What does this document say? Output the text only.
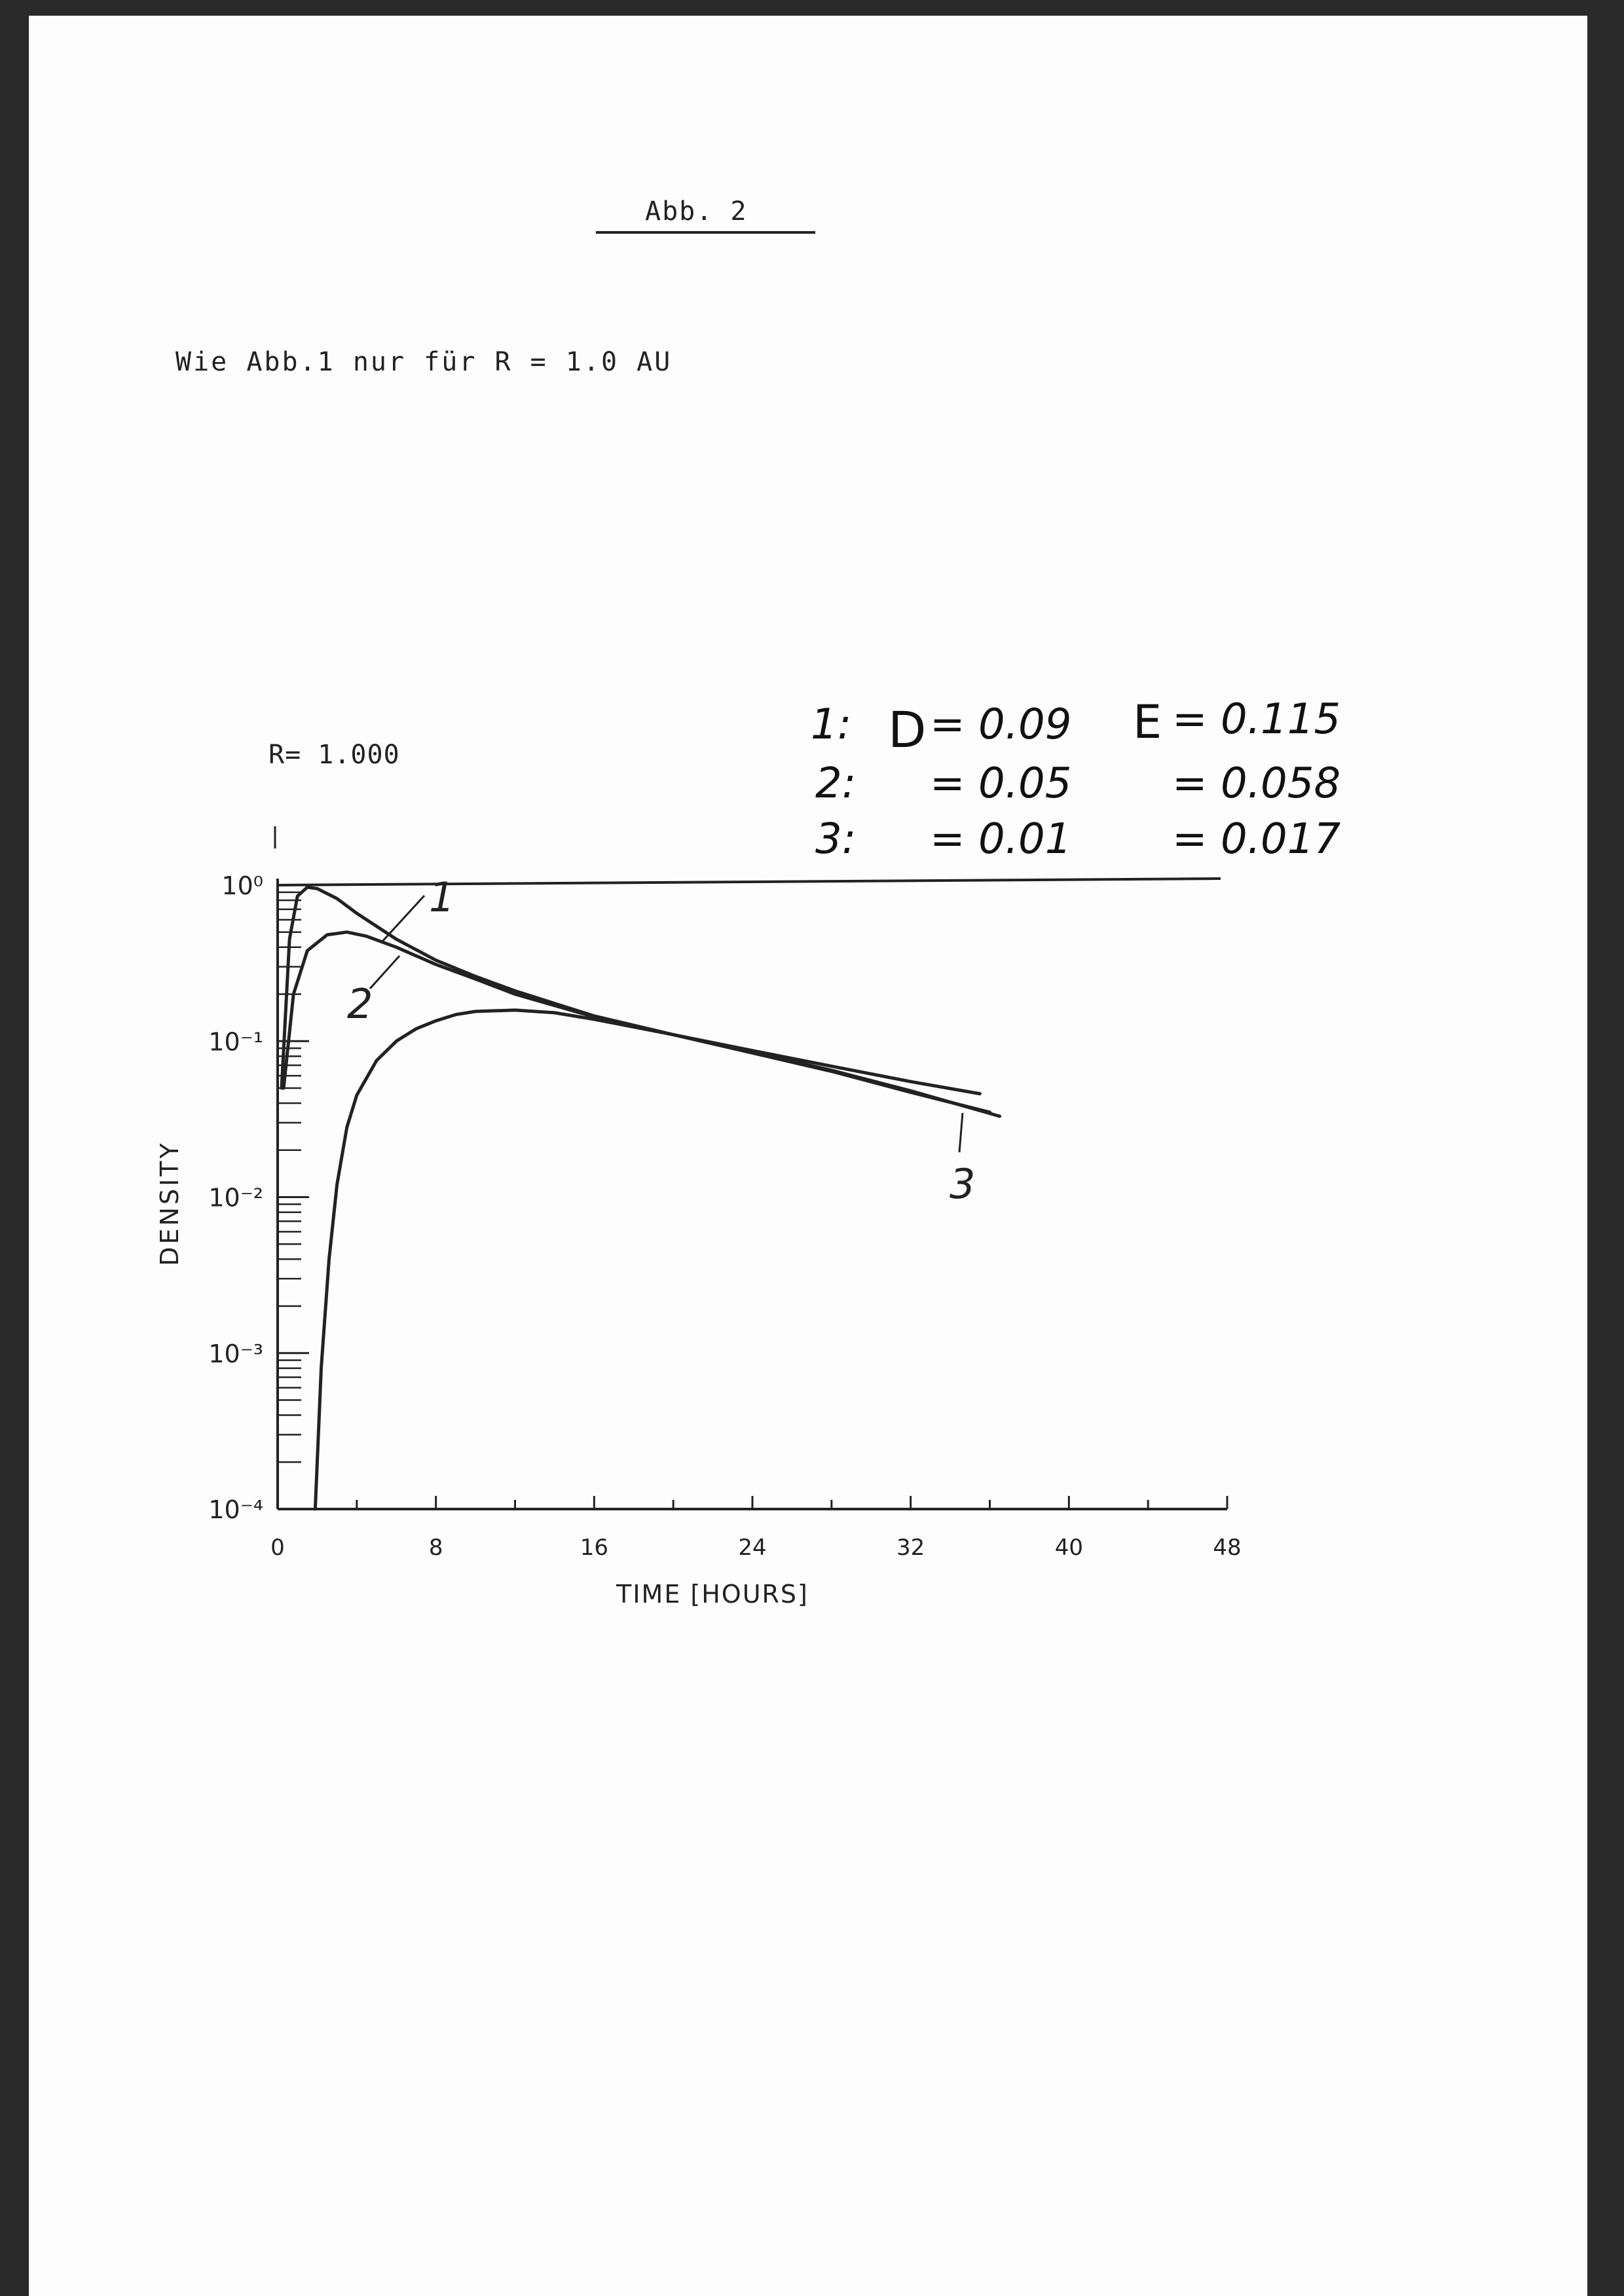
Abb. 2
Wie Abb.1 nur für R = 1.0 AU
R= 1.000
1: D = 0.09 E = 0.115
2: = 0.05 = 0.058
3: = 0.01 = 0.017
TIME [HOURS]
DENSITY
0	8	16	24	32	40	48
10⁰
10⁻¹
10⁻²
10⁻³
10⁻⁴
1
2
3
